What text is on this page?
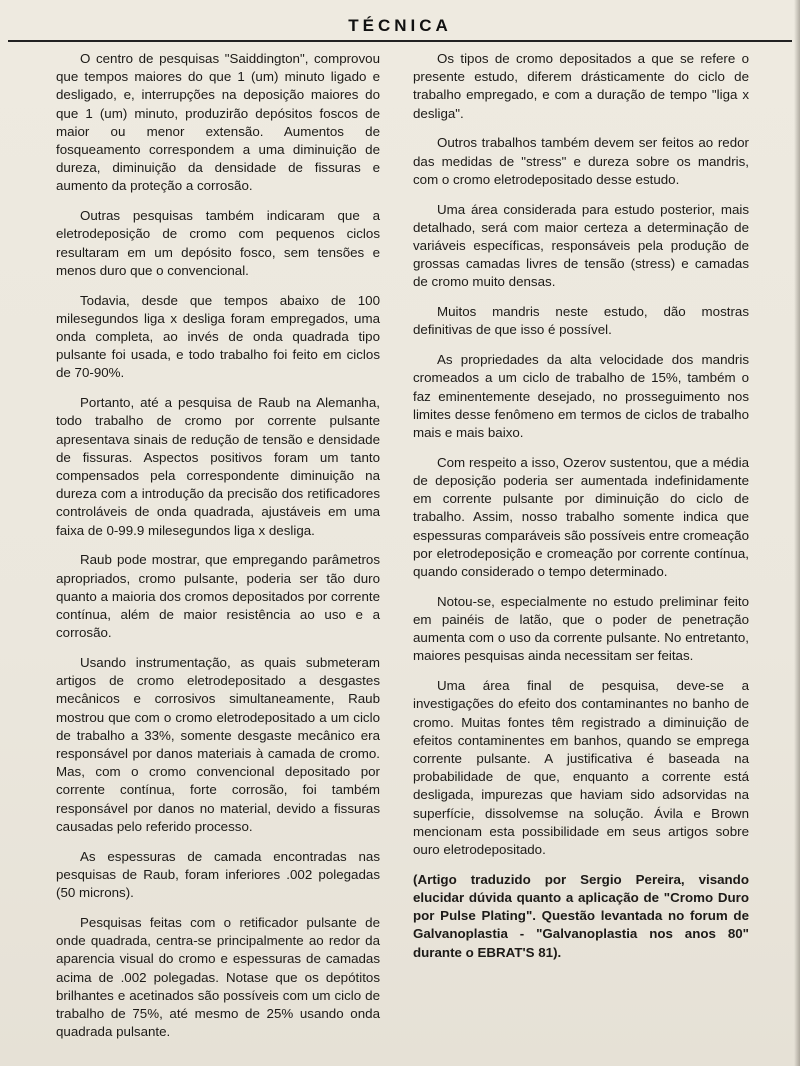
TÉCNICA

O centro de pesquisas "Saiddington", comprovou que tempos maiores do que 1 (um) minuto ligado e desligado, e, interrupções na deposição maiores do que 1 (um) minuto, produzirão depósitos foscos de maior ou menor extensão. Aumentos de fosqueamento correspondem a uma diminuição de dureza, diminuição da densidade de fissuras e aumento da proteção a corrosão.

Outras pesquisas também indicaram que a eletrodeposição de cromo com pequenos ciclos resultaram em um depósito fosco, sem tensões e menos duro que o convencional.

Todavia, desde que tempos abaixo de 100 milesegundos liga x desliga foram empregados, uma onda completa, ao invés de onda quadrada tipo pulsante foi usada, e todo trabalho foi feito em ciclos de 70-90%.

Portanto, até a pesquisa de Raub na Alemanha, todo trabalho de cromo por corrente pulsante apresentava sinais de redução de tensão e densidade de fissuras. Aspectos positivos foram um tanto compensados pela correspondente diminuição na dureza com a introdução da precisão dos retificadores controláveis de onda quadrada, ajustáveis em uma faixa de 0-99.9 milesegundos liga x desliga.

Raub pode mostrar, que empregando parâmetros apropriados, cromo pulsante, poderia ser tão duro quanto a maioria dos cromos depositados por corrente contínua, além de maior resistência ao uso e a corrosão.

Usando instrumentação, as quais submeteram artigos de cromo eletrodepositado a desgastes mecânicos e corrosivos simultaneamente, Raub mostrou que com o cromo eletrodepositado a um ciclo de trabalho a 33%, somente desgaste mecânico era responsável por danos materiais à camada de cromo. Mas, com o cromo convencional depositado por corrente contínua, forte corrosão, foi também responsável por danos no material, devido a fissuras causadas pelo referido processo.

As espessuras de camada encontradas nas pesquisas de Raub, foram inferiores .002 polegadas (50 microns).

Pesquisas feitas com o retificador pulsante de onde quadrada, centra-se principalmente ao redor da aparencia visual do cromo e espessuras de camadas acima de .002 polegadas. Notase que os depótitos brilhantes e acetinados são possíveis com um ciclo de trabalho de 75%, até mesmo de 25% usando onda quadrada pulsante.

Os tipos de cromo depositados a que se refere o presente estudo, diferem drásticamente do ciclo de trabalho empregado, e com a duração de tempo "liga x desliga".

Outros trabalhos também devem ser feitos ao redor das medidas de "stress" e dureza sobre os mandris, com o cromo eletrodepositado desse estudo.

Uma área considerada para estudo posterior, mais detalhado, será com maior certeza a determinação de variáveis específicas, responsáveis pela produção de grossas camadas livres de tensão (stress) e camadas de cromo muito densas.

Muitos mandris neste estudo, dão mostras definitivas de que isso é possível.

As propriedades da alta velocidade dos mandris cromeados a um ciclo de trabalho de 15%, também o faz eminentemente desejado, no prosseguimento nos limites desse fenômeno em termos de ciclos de trabalho mais e mais baixo.

Com respeito a isso, Ozerov sustentou, que a média de deposição poderia ser aumentada indefinidamente em corrente pulsante por diminuição do ciclo de trabalho. Assim, nosso trabalho somente indica que espessuras comparáveis são possíveis entre cromeação por eletrodeposição e cromeação por corrente contínua, quando considerado o tempo determinado.

Notou-se, especialmente no estudo preliminar feito em painéis de latão, que o poder de penetração aumenta com o uso da corrente pulsante. No entretanto, maiores pesquisas ainda necessitam ser feitas.

Uma área final de pesquisa, deve-se a investigações do efeito dos contaminantes no banho de cromo. Muitas fontes têm registrado a diminuição de efeitos contaminentes em banhos, quando se emprega corrente pulsante. A justificativa é baseada na probabilidade de que, enquanto a corrente está desligada, impurezas que haviam sido adsorvidas na superfície, dissolvemse na solução. Ávila e Brown mencionam esta possibilidade em seus artigos sobre ouro eletrodepositado.

(Artigo traduzido por Sergio Pereira, visando elucidar dúvida quanto a aplicação de "Cromo Duro por Pulse Plating". Questão levantada no forum de Galvanoplastia - "Galvanoplastia nos anos 80" durante o EBRAT'S 81).
